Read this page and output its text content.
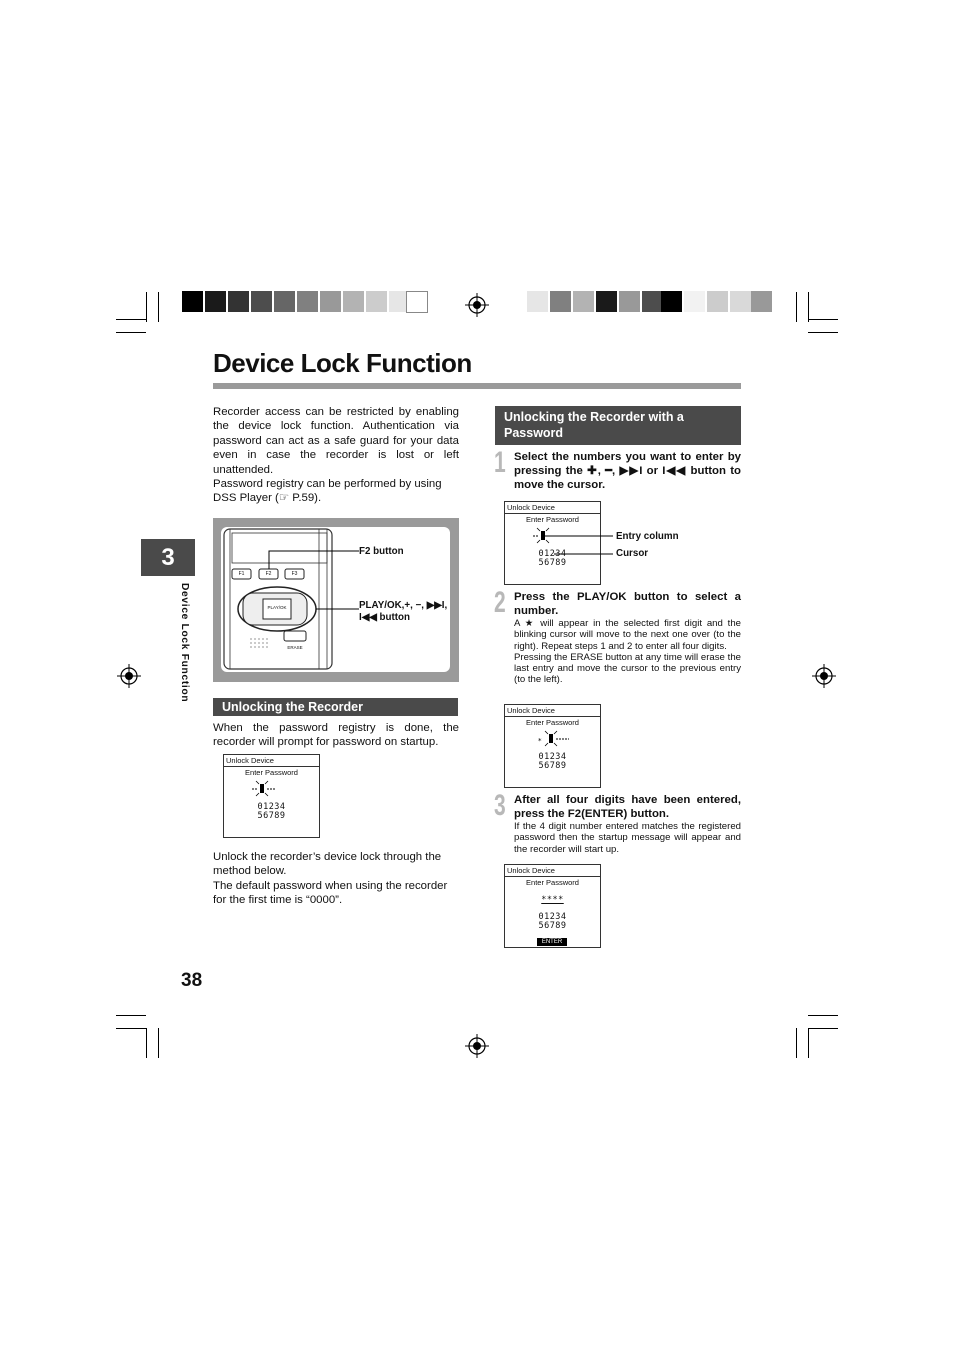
Device Lock Function
3
Device Lock Function

Recorder access can be restricted by enabling the device lock function. Authentication via password can act as a safe guard for your data even in case the recorder is lost or left unattended.

Password registry can be performed by using DSS Player (☞ P.59).

F1	F2	F3
PLAY/OK
ERASE
F2 button
PLAY/OK,+, −, ▶▶I, I◀◀ button
Unlocking the Recorder
When the password registry is done, the recorder will prompt for password on startup.
Unlock Device
Enter Password
01234
56789

Unlock the recorder’s device lock through the method below.

The default password when using the recorder for the first time is “0000”.

Unlocking the Recorder with a Password
1 Select the numbers you want to enter by pressing the ✚, ━, ▶▶I or I◀◀ button to move the cursor.
Unlock Device
Enter Password
01234
56789
Entry column
Cursor
2 Press the PLAY/OK button to select a number.
A ★ will appear in the selected first digit and the blinking cursor will move to the next one over (to the right). Repeat steps 1 and 2 to enter all four digits.
Pressing the ERASE button at any time will erase the last entry and move the cursor to the previous entry (to the left).
Unlock Device
Enter Password
*
01234
56789
3 After all four digits have been entered, press the F2(ENTER) button.
If the 4 digit number entered matches the registered password then the startup message will appear and the recorder will start up.
Unlock Device
Enter Password
****
01234
56789
ENTER
38
